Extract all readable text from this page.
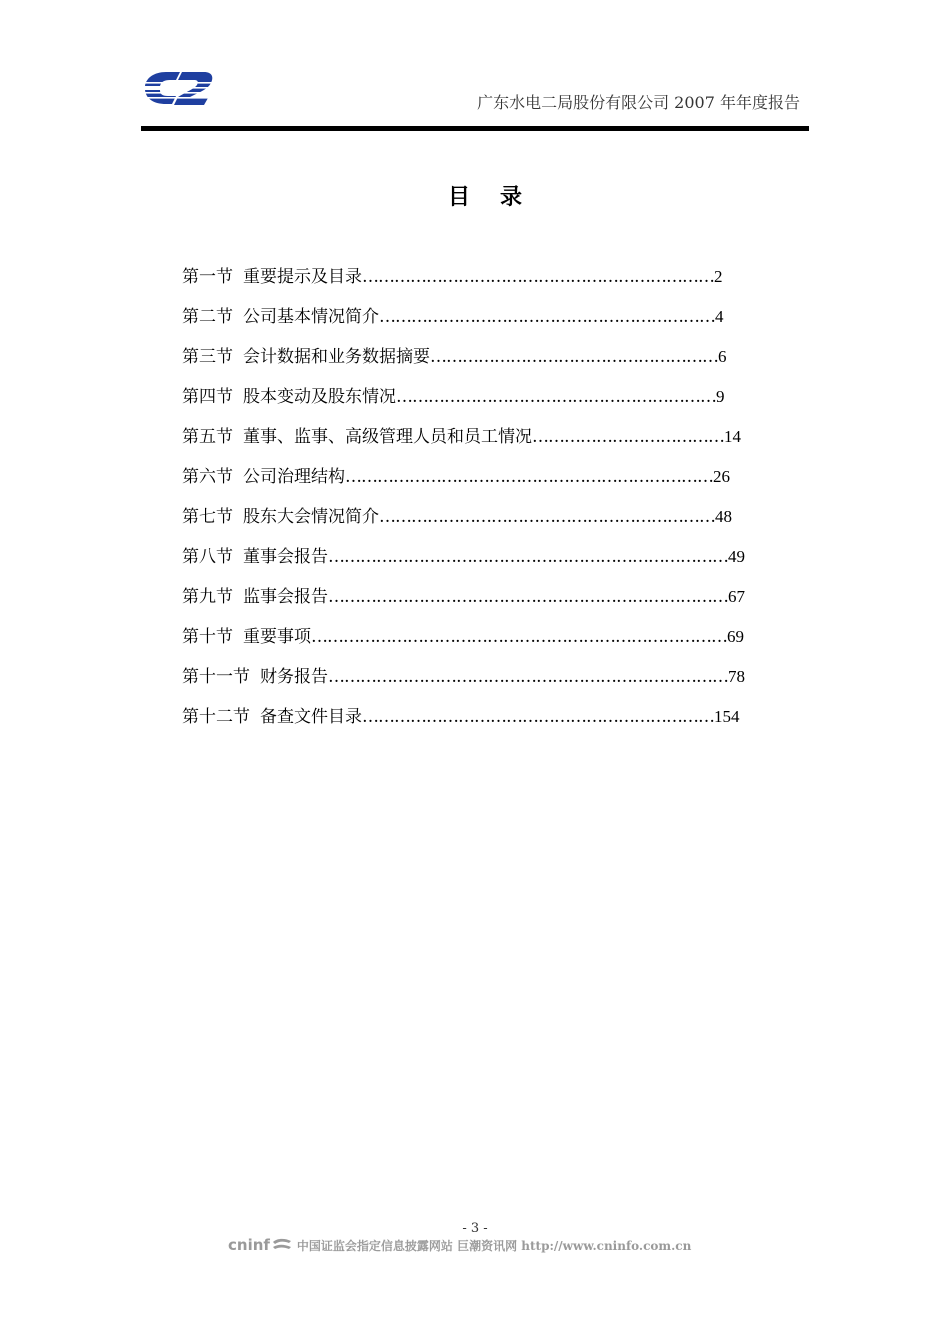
广东水电二局股份有限公司 2007 年年度报告
目录
第一节 重要提示及目录…………………………………………………………2
第二节 公司基本情况简介………………………………………………………4
第三节 会计数据和业务数据摘要………………………………………………6
第四节 股本变动及股东情况……………………………………………………9
第五节 董事、监事、高级管理人员和员工情况………………………………14
第六节 公司治理结构……………………………………………………………26
第七节 股东大会情况简介………………………………………………………48
第八节 董事会报告…………………………………………………………………49
第九节 监事会报告…………………………………………………………………67
第十节 重要事项……………………………………………………………………69
第十一节 财务报告…………………………………………………………………78
第十二节 备查文件目录…………………………………………………………154
- 3 -
cninf 中国证监会指定信息披露网站 巨潮资讯网 http://www.cninfo.com.cn
